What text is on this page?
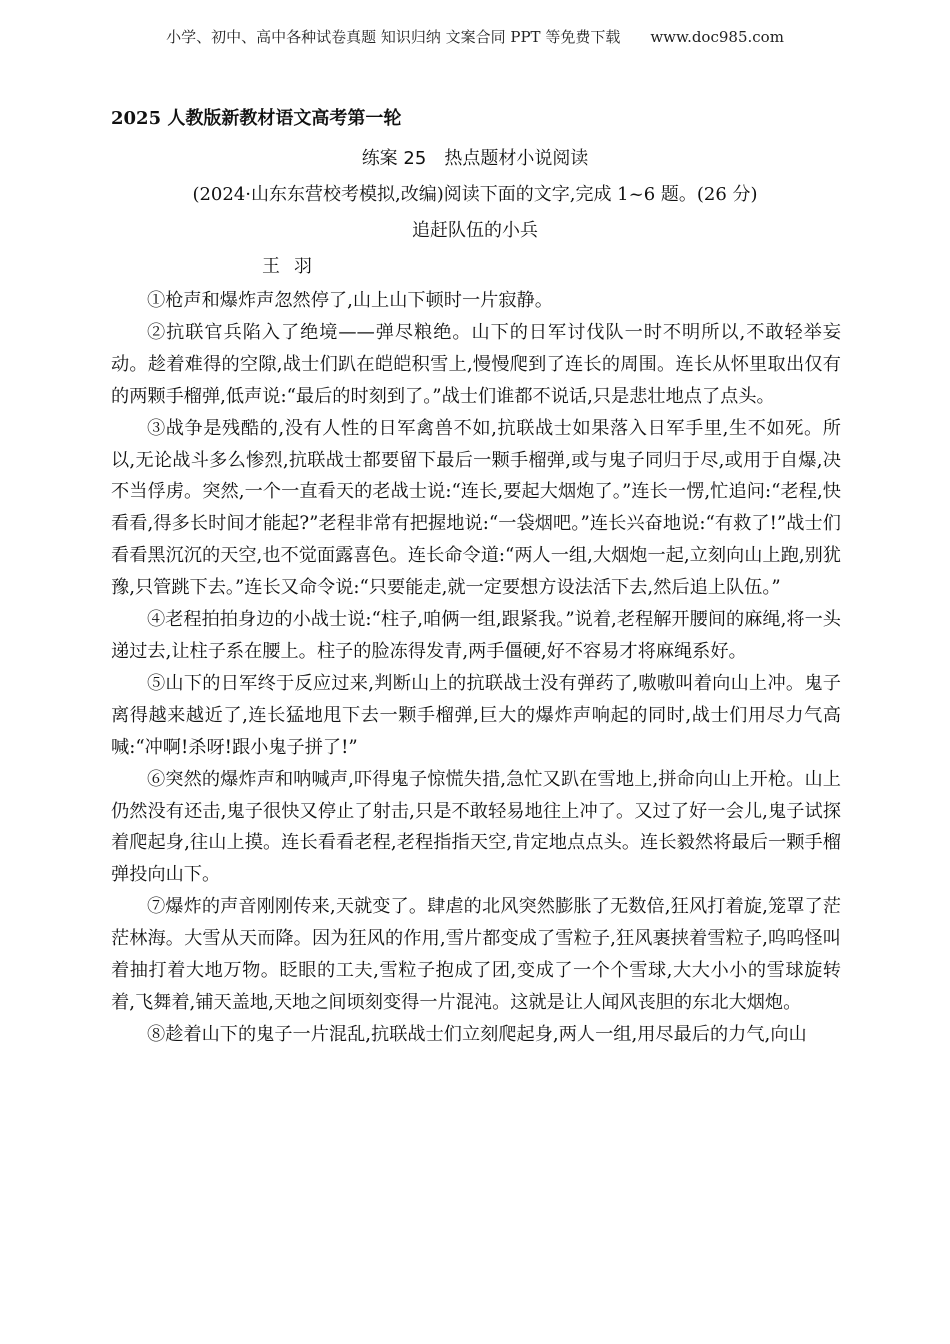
小学、初中、高中各种试卷真题 知识归纳 文案合同 PPT 等免费下载　　www.doc985.com
2025 人教版新教材语文高考第一轮
练案 25　热点题材小说阅读
(2024·山东东营校考模拟,改编)阅读下面的文字,完成 1~6 题。(26 分)
追赶队伍的小兵
王羽

①枪声和爆炸声忽然停了,山上山下顿时一片寂静。

②抗联官兵陷入了绝境——弹尽粮绝。山下的日军讨伐队一时不明所以,不敢轻举妄动。趁着难得的空隙,战士们趴在皑皑积雪上,慢慢爬到了连长的周围。连长从怀里取出仅有的两颗手榴弹,低声说:“最后的时刻到了。”战士们谁都不说话,只是悲壮地点了点头。

③战争是残酷的,没有人性的日军禽兽不如,抗联战士如果落入日军手里,生不如死。所以,无论战斗多么惨烈,抗联战士都要留下最后一颗手榴弹,或与鬼子同归于尽,或用于自爆,决不当俘虏。突然,一个一直看天的老战士说:“连长,要起大烟炮了。”连长一愣,忙追问:“老程,快看看,得多长时间才能起?”老程非常有把握地说:“一袋烟吧。”连长兴奋地说:“有救了!”战士们看看黑沉沉的天空,也不觉面露喜色。连长命令道:“两人一组,大烟炮一起,立刻向山上跑,别犹豫,只管跳下去。”连长又命令说:“只要能走,就一定要想方设法活下去,然后追上队伍。”

④老程拍拍身边的小战士说:“柱子,咱俩一组,跟紧我。”说着,老程解开腰间的麻绳,将一头递过去,让柱子系在腰上。柱子的脸冻得发青,两手僵硬,好不容易才将麻绳系好。

⑤山下的日军终于反应过来,判断山上的抗联战士没有弹药了,嗷嗷叫着向山上冲。鬼子离得越来越近了,连长猛地甩下去一颗手榴弹,巨大的爆炸声响起的同时,战士们用尽力气高喊:“冲啊!杀呀!跟小鬼子拼了!”

⑥突然的爆炸声和呐喊声,吓得鬼子惊慌失措,急忙又趴在雪地上,拼命向山上开枪。山上仍然没有还击,鬼子很快又停止了射击,只是不敢轻易地往上冲了。又过了好一会儿,鬼子试探着爬起身,往山上摸。连长看看老程,老程指指天空,肯定地点点头。连长毅然将最后一颗手榴弹投向山下。

⑦爆炸的声音刚刚传来,天就变了。肆虐的北风突然膨胀了无数倍,狂风打着旋,笼罩了茫茫林海。大雪从天而降。因为狂风的作用,雪片都变成了雪粒子,狂风裹挟着雪粒子,呜呜怪叫着抽打着大地万物。眨眼的工夫,雪粒子抱成了团,变成了一个个雪球,大大小小的雪球旋转着,飞舞着,铺天盖地,天地之间顷刻变得一片混沌。这就是让人闻风丧胆的东北大烟炮。

⑧趁着山下的鬼子一片混乱,抗联战士们立刻爬起身,两人一组,用尽最后的力气,向山
